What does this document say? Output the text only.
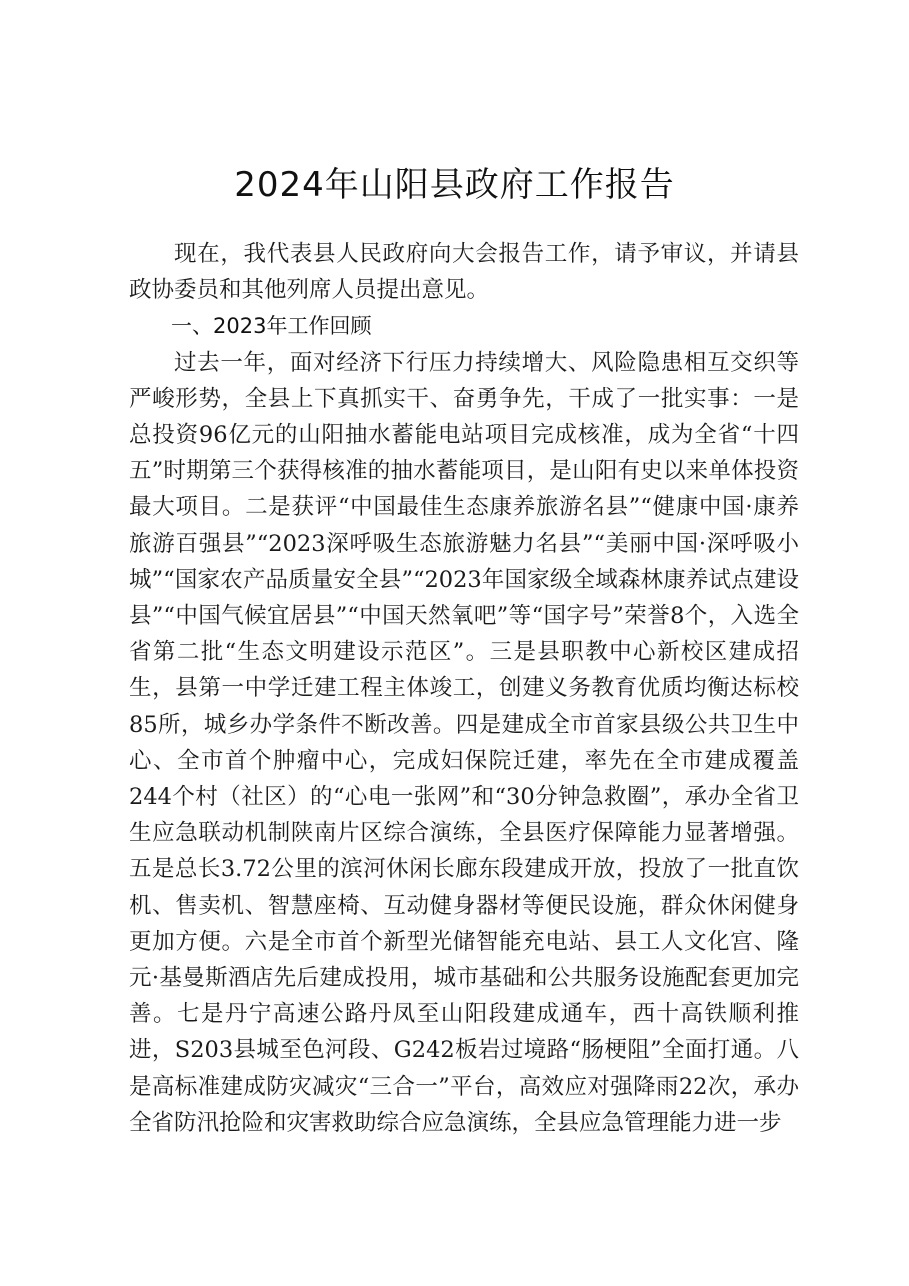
2024年山阳县政府工作报告

现在，我代表县人民政府向大会报告工作，请予审议，并请县政协委员和其他列席人员提出意见。

一、2023年工作回顾

过去一年，面对经济下行压力持续增大、风险隐患相互交织等严峻形势，全县上下真抓实干、奋勇争先，干成了一批实事：一是总投资96亿元的山阳抽水蓄能电站项目完成核准，成为全省“十四五”时期第三个获得核准的抽水蓄能项目，是山阳有史以来单体投资最大项目。二是获评“中国最佳生态康养旅游名县”“健康中国·康养旅游百强县”“2023深呼吸生态旅游魅力名县”“美丽中国·深呼吸小城”“国家农产品质量安全县”“2023年国家级全域森林康养试点建设县”“中国气候宜居县”“中国天然氧吧”等“国字号”荣誉8个，入选全省第二批“生态文明建设示范区”。三是县职教中心新校区建成招生，县第一中学迁建工程主体竣工，创建义务教育优质均衡达标校85所，城乡办学条件不断改善。四是建成全市首家县级公共卫生中心、全市首个肿瘤中心，完成妇保院迁建，率先在全市建成覆盖244个村（社区）的“心电一张网”和“30分钟急救圈”，承办全省卫生应急联动机制陕南片区综合演练，全县医疗保障能力显著增强。五是总长3.72公里的滨河休闲长廊东段建成开放，投放了一批直饮机、售卖机、智慧座椅、互动健身器材等便民设施，群众休闲健身更加方便。六是全市首个新型光储智能充电站、县工人文化宫、隆元·基曼斯酒店先后建成投用，城市基础和公共服务设施配套更加完善。七是丹宁高速公路丹凤至山阳段建成通车，西十高铁顺利推进，S203县城至色河段、G242板岩过境路“肠梗阻”全面打通。八是高标准建成防灾减灾“三合一”平台，高效应对强降雨22次，承办全省防汛抢险和灾害救助综合应急演练，全县应急管理能力进一步
